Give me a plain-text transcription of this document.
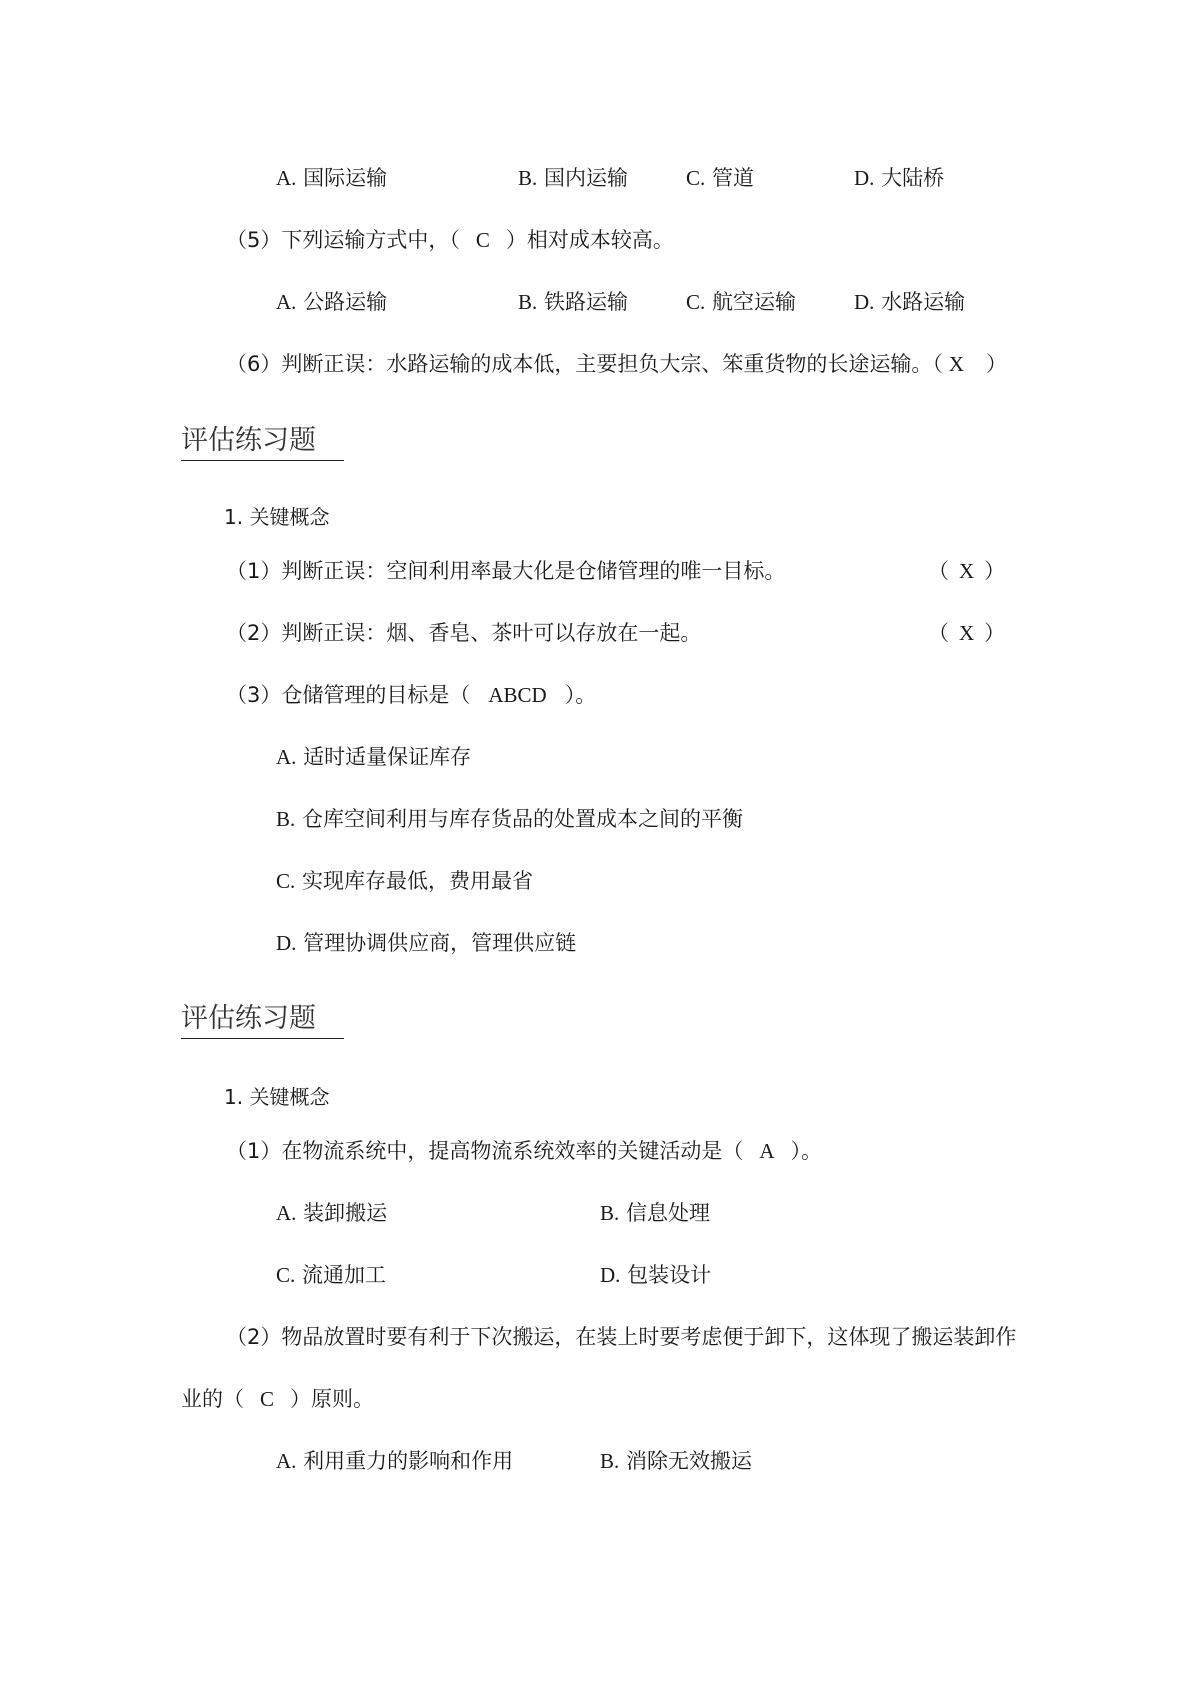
A. 国际运输	B. 国内运输	C. 管道	D. 大陆桥
（5）下列运输方式中，（ C ）相对成本较高。
A. 公路运输	B. 铁路运输	C. 航空运输	D. 水路运输
（6）判断正误：水路运输的成本低，主要担负大宗、笨重货物的长途运输。（ X ）
评估练习题
1. 关键概念
（1）判断正误：空间利用率最大化是仓储管理的唯一目标。	（ X ）
（2）判断正误：烟、香皂、茶叶可以存放在一起。	（ X ）
（3）仓储管理的目标是（ ABCD ）。
A. 适时适量保证库存
B. 仓库空间利用与库存货品的处置成本之间的平衡
C. 实现库存最低，费用最省
D. 管理协调供应商，管理供应链
评估练习题
1. 关键概念
（1）在物流系统中，提高物流系统效率的关键活动是（ A ）。
A. 装卸搬运	B. 信息处理
C. 流通加工	D. 包装设计
（2）物品放置时要有利于下次搬运，在装上时要考虑便于卸下，这体现了搬运装卸作
业的（ C ）原则。
A. 利用重力的影响和作用	B. 消除无效搬运
